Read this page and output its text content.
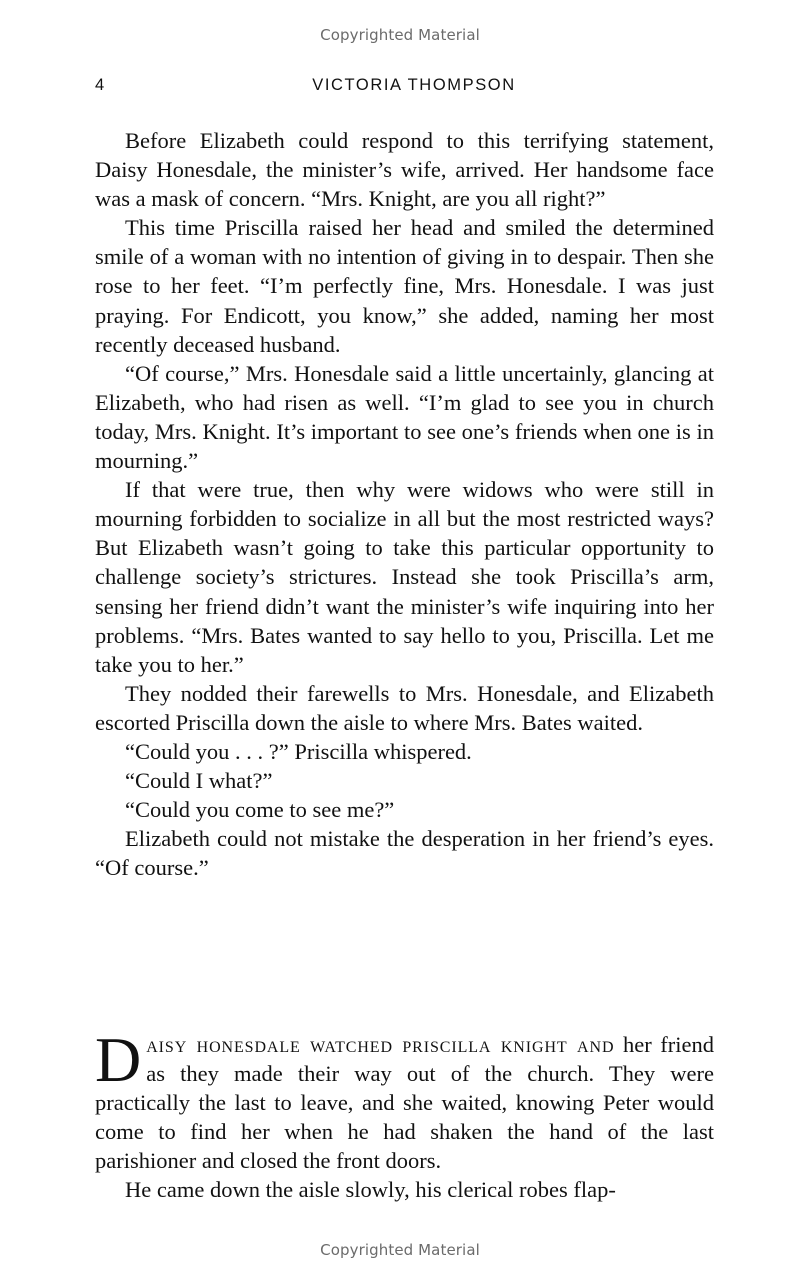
Copyrighted Material
4	VICTORIA THOMPSON

Before Elizabeth could respond to this terrifying statement, Daisy Honesdale, the minister’s wife, arrived. Her handsome face was a mask of concern. “Mrs. Knight, are you all right?”

This time Priscilla raised her head and smiled the determined smile of a woman with no intention of giving in to despair. Then she rose to her feet. “I’m perfectly fine, Mrs. Honesdale. I was just praying. For Endicott, you know,” she added, naming her most recently deceased husband.

“Of course,” Mrs. Honesdale said a little uncertainly, glancing at Elizabeth, who had risen as well. “I’m glad to see you in church today, Mrs. Knight. It’s important to see one’s friends when one is in mourning.”

If that were true, then why were widows who were still in mourning forbidden to socialize in all but the most restricted ways? But Elizabeth wasn’t going to take this particular opportunity to challenge society’s strictures. Instead she took Priscilla’s arm, sensing her friend didn’t want the minister’s wife inquiring into her problems. “Mrs. Bates wanted to say hello to you, Priscilla. Let me take you to her.”

They nodded their farewells to Mrs. Honesdale, and Elizabeth escorted Priscilla down the aisle to where Mrs. Bates waited.

“Could you . . . ?” Priscilla whispered.

“Could I what?”

“Could you come to see me?”

Elizabeth could not mistake the desperation in her friend’s eyes. “Of course.”

Daisy honesdale watched priscilla knight and her friend as they made their way out of the church. They were practically the last to leave, and she waited, knowing Peter would come to find her when he had shaken the hand of the last parishioner and closed the front doors.

He came down the aisle slowly, his clerical robes flap-

Copyrighted Material
